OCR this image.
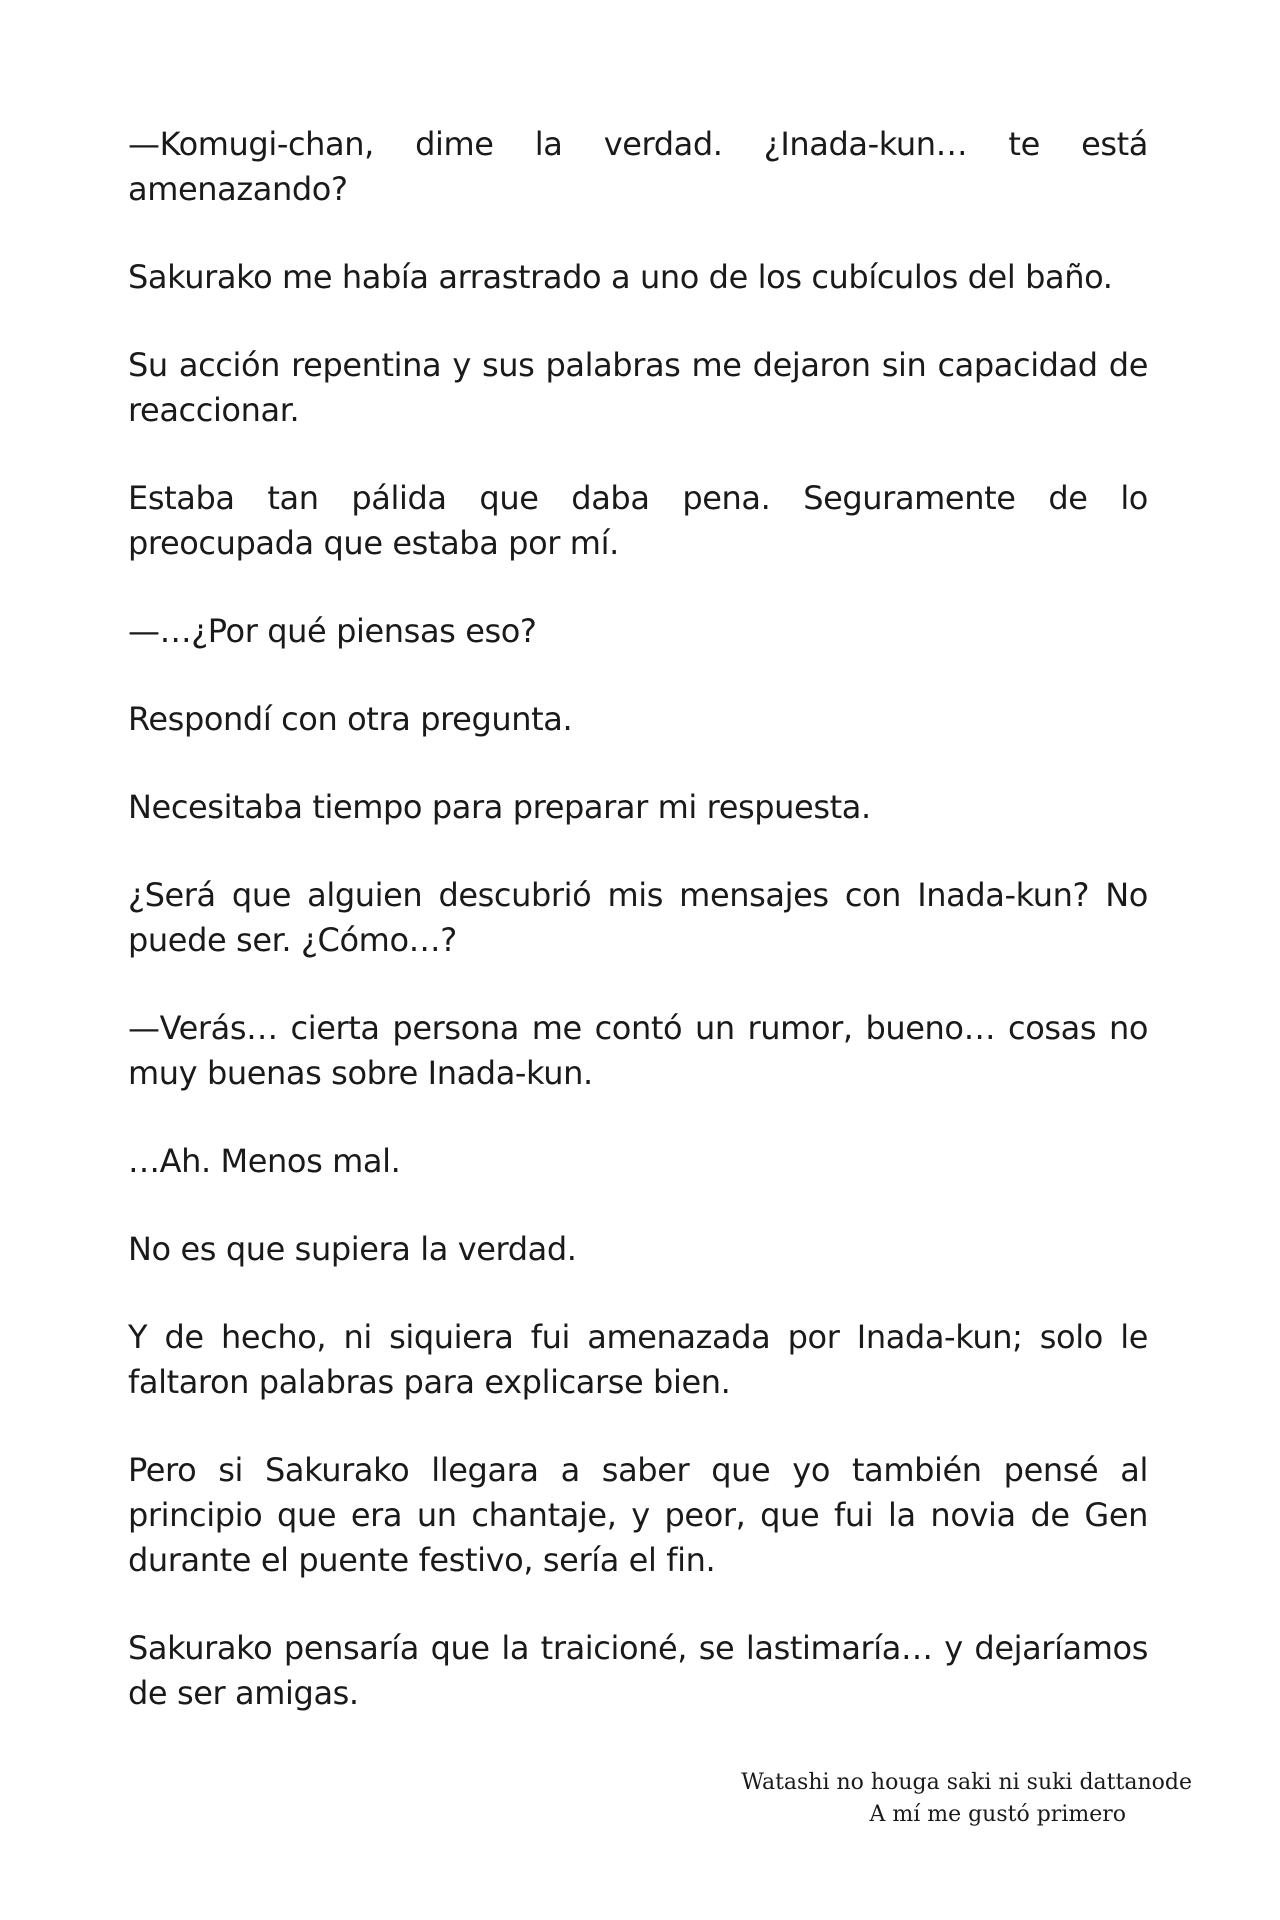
—Komugi-chan, dime la verdad. ¿Inada-kun… te está amenazando?

Sakurako me había arrastrado a uno de los cubículos del baño.

Su acción repentina y sus palabras me dejaron sin capacidad de reaccionar.

Estaba tan pálida que daba pena. Seguramente de lo preocupada que estaba por mí.

—…¿Por qué piensas eso?

Respondí con otra pregunta.

Necesitaba tiempo para preparar mi respuesta.

¿Será que alguien descubrió mis mensajes con Inada-kun? No puede ser. ¿Cómo…?

—Verás… cierta persona me contó un rumor, bueno… cosas no muy buenas sobre Inada-kun.

…Ah. Menos mal.

No es que supiera la verdad.

Y de hecho, ni siquiera fui amenazada por Inada-kun; solo le faltaron palabras para explicarse bien.

Pero si Sakurako llegara a saber que yo también pensé al principio que era un chantaje, y peor, que fui la novia de Gen durante el puente festivo, sería el fin.

Sakurako pensaría que la traicioné, se lastimaría… y dejaríamos de ser amigas.

Watashi no houga saki ni suki dattanode
A mí me gustó primero
